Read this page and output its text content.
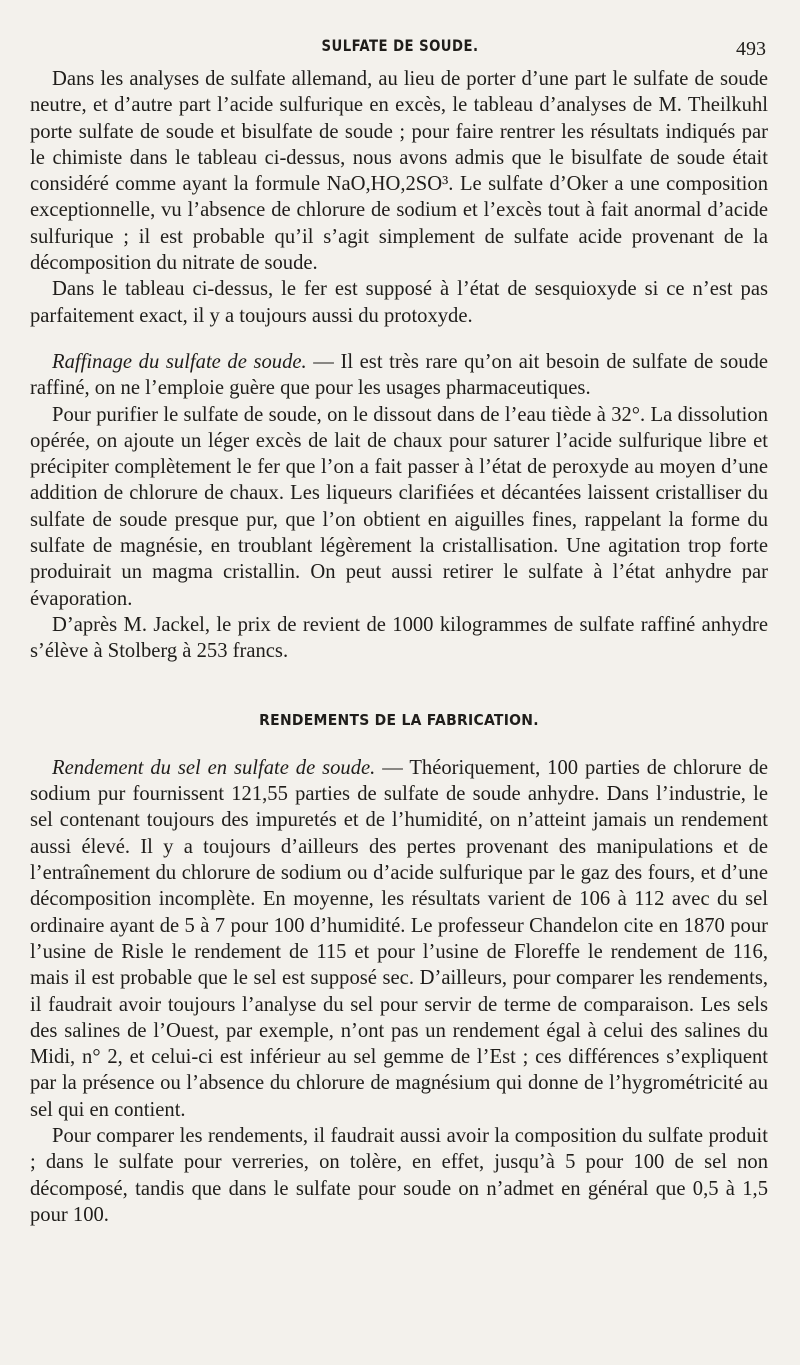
SULFATE DE SOUDE.	493

Dans les analyses de sulfate allemand, au lieu de porter d’une part le sulfate de soude neutre, et d’autre part l’acide sulfurique en excès, le tableau d’analyses de M. Theilkuhl porte sulfate de soude et bisulfate de soude ; pour faire rentrer les résultats indiqués par le chimiste dans le tableau ci-dessus, nous avons admis que le bisulfate de soude était considéré comme ayant la formule NaO,HO,2SO³. Le sulfate d’Oker a une composition exceptionnelle, vu l’absence de chlorure de sodium et l’excès tout à fait anormal d’acide sulfurique ; il est probable qu’il s’agit simplement de sulfate acide provenant de la décomposition du nitrate de soude.

Dans le tableau ci-dessus, le fer est supposé à l’état de sesquioxyde si ce n’est pas parfaitement exact, il y a toujours aussi du protoxyde.

Raffinage du sulfate de soude. — Il est très rare qu’on ait besoin de sulfate de soude raffiné, on ne l’emploie guère que pour les usages pharmaceutiques.

Pour purifier le sulfate de soude, on le dissout dans de l’eau tiède à 32°. La dissolution opérée, on ajoute un léger excès de lait de chaux pour saturer l’acide sulfurique libre et précipiter complètement le fer que l’on a fait passer à l’état de peroxyde au moyen d’une addition de chlorure de chaux. Les liqueurs clarifiées et décantées laissent cristalliser du sulfate de soude presque pur, que l’on obtient en aiguilles fines, rappelant la forme du sulfate de magnésie, en troublant légèrement la cristallisation. Une agitation trop forte produirait un magma cristallin. On peut aussi retirer le sulfate à l’état anhydre par évaporation.

D’après M. Jackel, le prix de revient de 1000 kilogrammes de sulfate raffiné anhydre s’élève à Stolberg à 253 francs.

RENDEMENTS DE LA FABRICATION.

Rendement du sel en sulfate de soude. — Théoriquement, 100 parties de chlorure de sodium pur fournissent 121,55 parties de sulfate de soude anhydre. Dans l’industrie, le sel contenant toujours des impuretés et de l’humidité, on n’atteint jamais un rendement aussi élevé. Il y a toujours d’ailleurs des pertes provenant des manipulations et de l’entraînement du chlorure de sodium ou d’acide sulfurique par le gaz des fours, et d’une décomposition incomplète. En moyenne, les résultats varient de 106 à 112 avec du sel ordinaire ayant de 5 à 7 pour 100 d’humidité. Le professeur Chandelon cite en 1870 pour l’usine de Risle le rendement de 115 et pour l’usine de Floreffe le rendement de 116, mais il est probable que le sel est supposé sec. D’ailleurs, pour comparer les rendements, il faudrait avoir toujours l’analyse du sel pour servir de terme de comparaison. Les sels des salines de l’Ouest, par exemple, n’ont pas un rendement égal à celui des salines du Midi, n° 2, et celui-ci est inférieur au sel gemme de l’Est ; ces différences s’expliquent par la présence ou l’absence du chlorure de magnésium qui donne de l’hygrométricité au sel qui en contient.

Pour comparer les rendements, il faudrait aussi avoir la composition du sulfate produit ; dans le sulfate pour verreries, on tolère, en effet, jusqu’à 5 pour 100 de sel non décomposé, tandis que dans le sulfate pour soude on n’admet en général que 0,5 à 1,5 pour 100.
